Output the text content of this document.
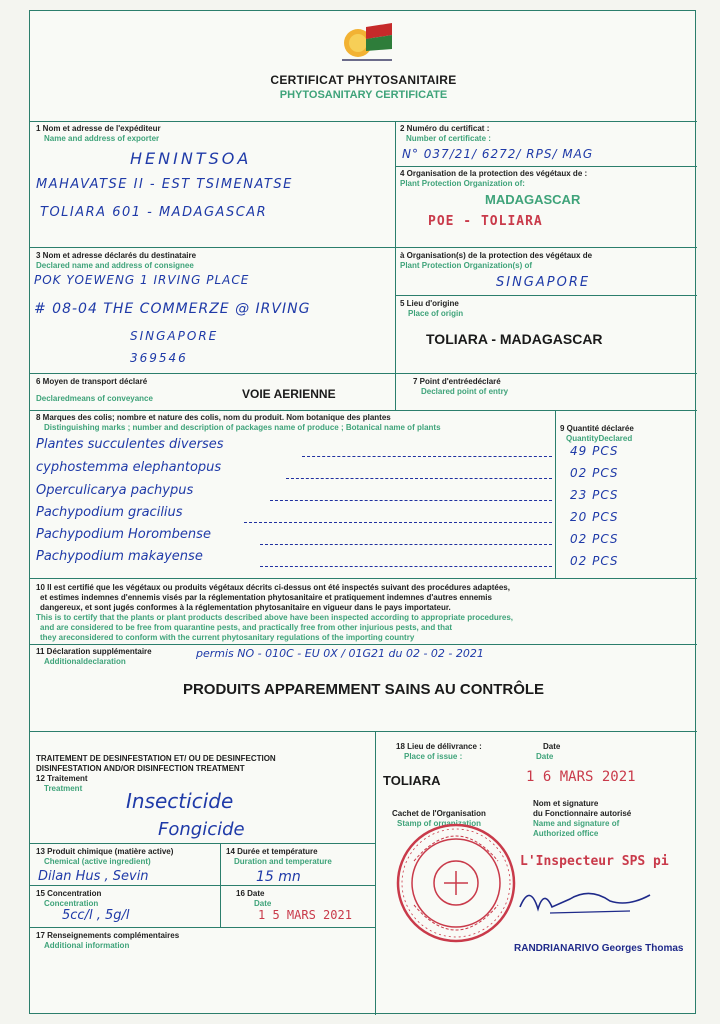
CERTIFICAT PHYTOSANITAIRE
PHYTOSANITARY CERTIFICATE
1 Nom et adresse de l'expéditeur
Name and address of exporter
HENINTSOA
MAHAVATSE II - EST TSIMENATSE
TOLIARA 601 - MADAGASCAR
2 Numéro du certificat :
Number of certificate :
N° 037/21/ 6272/ RPS/ MAG
4 Organisation de la protection des végétaux de :
Plant Protection Organization of:
MADAGASCAR
POE - TOLIARA
3 Nom et adresse déclarés du destinataire
Declared name and address of consignee
POK YOEWENG 1 IRVING PLACE
# 08-04 THE COMMERZE @ IRVING
SINGAPORE
369546
à Organisation(s) de la protection des végétaux de
Plant Protection Organization(s) of
SINGAPORE
5 Lieu d'origine
Place of origin
TOLIARA - MADAGASCAR
6 Moyen de transport déclaré
Declaredmeans of conveyance	VOIE AERIENNE
7 Point d'entréedéclaré
Declared point of entry
8 Marques des colis; nombre et nature des colis, nom du produit. Nom botanique des plantes
Distinguishing marks ; number and description of packages name of produce ; Botanical name of plants	9 Quantité déclarée
QuantityDeclared
Plantes succulentes diverses	49 PCS
cyphostemma elephantopus	02 PCS
Operculicarya pachypus	23 PCS
Pachypodium gracilius	20 PCS
Pachypodium Horombense	02 PCS
Pachypodium makayense	02 PCS
10 Il est certifié que les végétaux ou produits végétaux décrits ci-dessus ont été inspectés suivant des procédures adaptées,
et estimes indemnes d'ennemis visés par la réglementation phytosanitaire et pratiquement indemnes d'autres ennemis
dangereux, et sont jugés conformes à la réglementation phytosanitaire en vigueur dans le pays importateur.
This is to certify that the plants or plant products described above have been inspected according to appropriate procedures,
and are considered to be free from quarantine pests, and practically free from other injurious pests, and that
they areconsidered to conform with the current phytosanitary regulations of the importing country
11 Déclaration supplémentaire
Additionaldeclaration
permis NO - 010C - EU 0X / 01G21 du 02 - 02 - 2021
PRODUITS APPAREMMENT SAINS AU CONTRÔLE
TRAITEMENT DE DESINFESTATION ET/ OU DE DESINFECTION
DISINFESTATION AND/OR DISINFECTION TREATMENT
12 Traitement
Treatment
Insecticide
Fongicide
13 Produit chimique (matière active)
Chemical (active ingredient)
Dilan Hus , Sevin
14 Durée et température
Duration and temperature
15 mn
15 Concentration
Concentration
5cc/l , 5g/l
16 Date
Date
1 5 MARS 2021
17 Renseignements complémentaires
Additional information
18 Lieu de délivrance :
Place of issue :
Date
Date
TOLIARA	1 6 MARS 2021
Cachet de l'Organisation
Stamp of organization
Nom et signature
du Fonctionnaire autorisé
Name and signature of
Authorized office
L'Inspecteur SPS pi
RANDRIANARIVO Georges Thomas
